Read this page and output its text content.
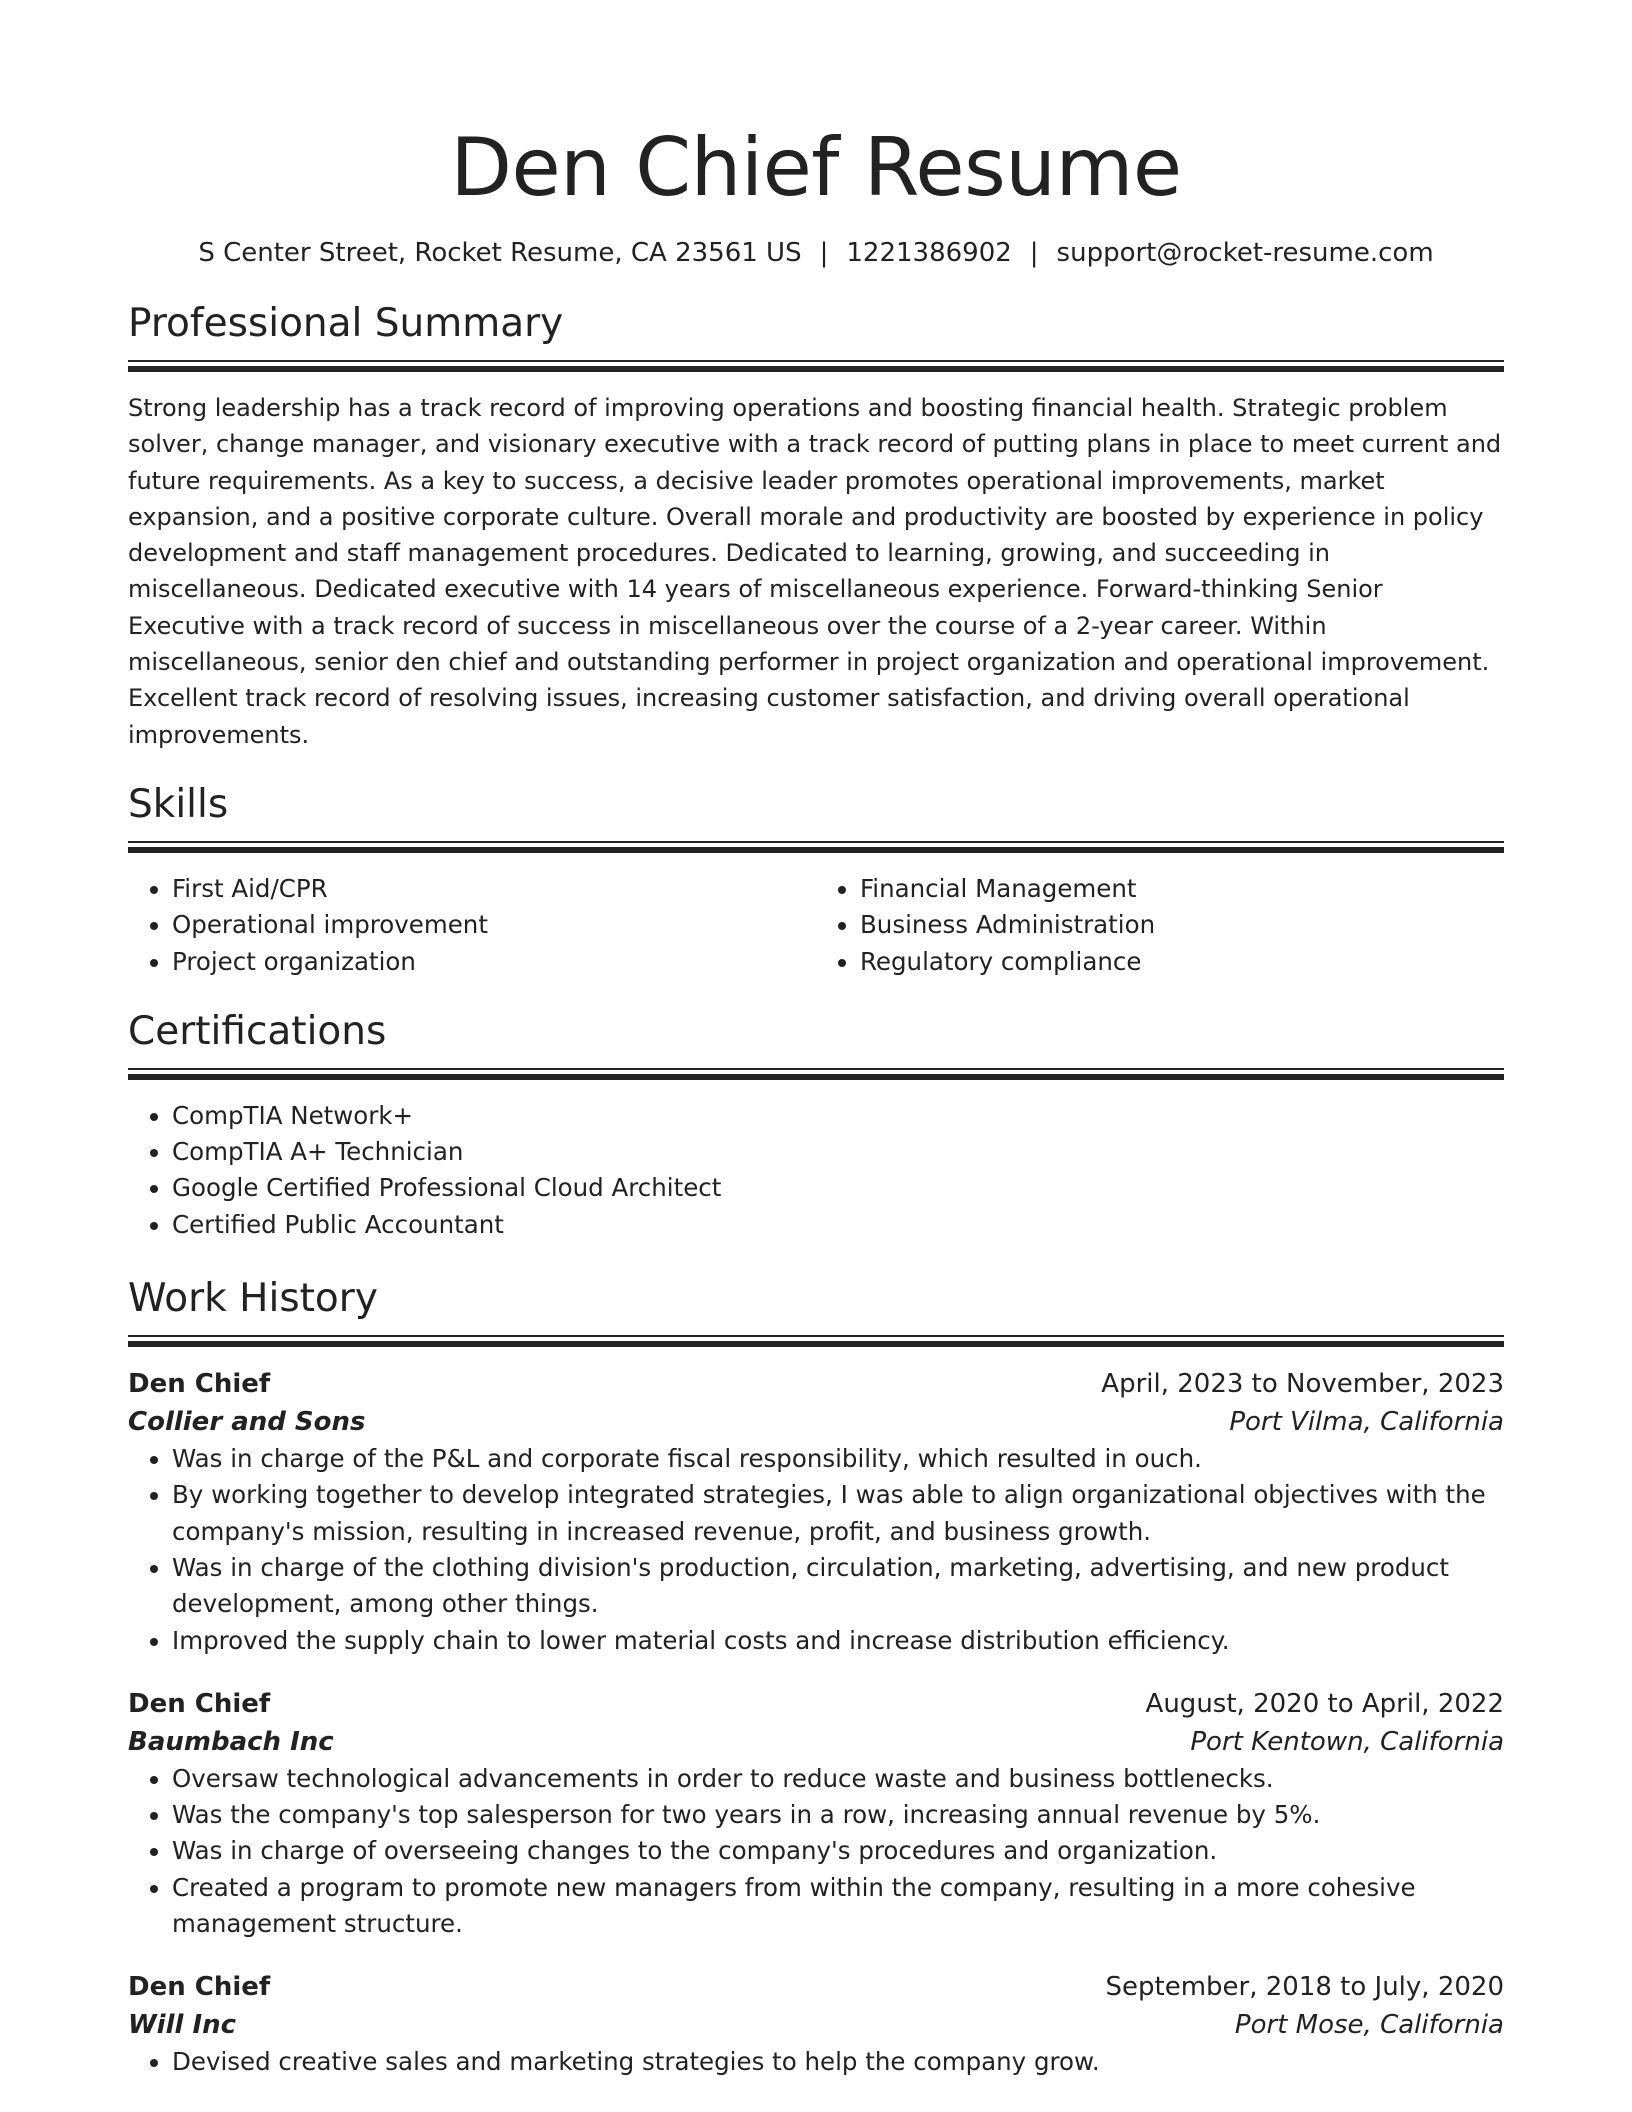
Den Chief Resume
S Center Street, Rocket Resume, CA 23561 US | 1221386902 | support@rocket-resume.com
Professional Summary

Strong leadership has a track record of improving operations and boosting financial health. Strategic problem solver, change manager, and visionary executive with a track record of putting plans in place to meet current and future requirements. As a key to success, a decisive leader promotes operational improvements, market expansion, and a positive corporate culture. Overall morale and productivity are boosted by experience in policy development and staff management procedures. Dedicated to learning, growing, and succeeding in miscellaneous. Dedicated executive with 14 years of miscellaneous experience. Forward-thinking Senior Executive with a track record of success in miscellaneous over the course of a 2-year career. Within miscellaneous, senior den chief and outstanding performer in project organization and operational improvement. Excellent track record of resolving issues, increasing customer satisfaction, and driving overall operational improvements.

Skills
• First Aid/CPR
• Operational improvement
• Project organization
• Financial Management
• Business Administration
• Regulatory compliance
Certifications
• CompTIA Network+
• CompTIA A+ Technician
• Google Certified Professional Cloud Architect
• Certified Public Accountant
Work History
Den Chief	April, 2023 to November, 2023
Collier and Sons	Port Vilma, California
• Was in charge of the P&L and corporate fiscal responsibility, which resulted in ouch.
• By working together to develop integrated strategies, I was able to align organizational objectives with the company's mission, resulting in increased revenue, profit, and business growth.
• Was in charge of the clothing division's production, circulation, marketing, advertising, and new product development, among other things.
• Improved the supply chain to lower material costs and increase distribution efficiency.
Den Chief	August, 2020 to April, 2022
Baumbach Inc	Port Kentown, California
• Oversaw technological advancements in order to reduce waste and business bottlenecks.
• Was the company's top salesperson for two years in a row, increasing annual revenue by 5%.
• Was in charge of overseeing changes to the company's procedures and organization.
• Created a program to promote new managers from within the company, resulting in a more cohesive management structure.
Den Chief	September, 2018 to July, 2020
Will Inc	Port Mose, California
• Devised creative sales and marketing strategies to help the company grow.
